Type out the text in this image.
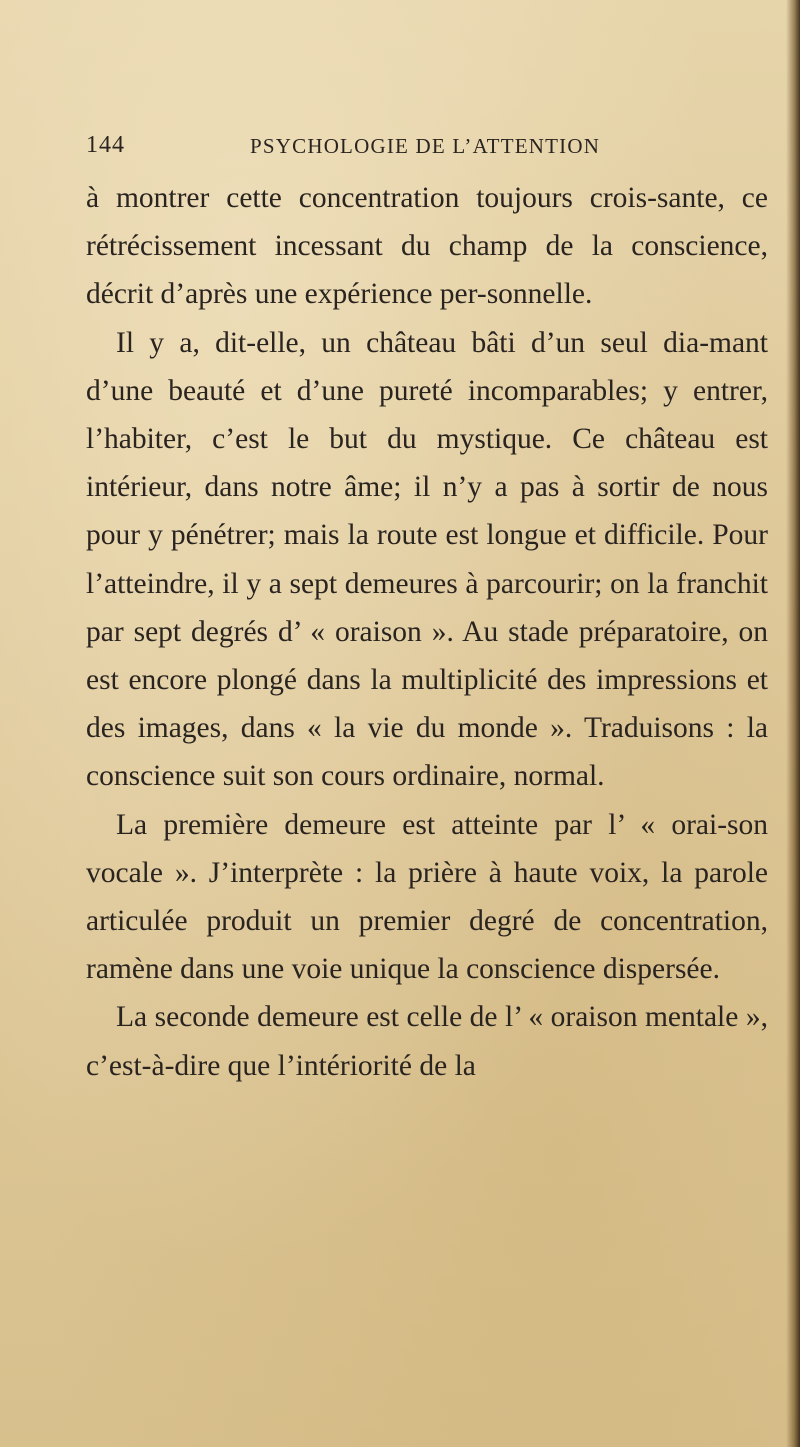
144	PSYCHOLOGIE DE L’ATTENTION

à montrer cette concentration toujours crois-sante, ce rétrécissement incessant du champ de la conscience, décrit d’après une expérience per-sonnelle.

Il y a, dit-elle, un château bâti d’un seul dia-mant d’une beauté et d’une pureté incomparables; y entrer, l’habiter, c’est le but du mystique. Ce château est intérieur, dans notre âme; il n’y a pas à sortir de nous pour y pénétrer; mais la route est longue et difficile. Pour l’atteindre, il y a sept demeures à parcourir; on la franchit par sept degrés d’ « oraison ». Au stade préparatoire, on est encore plongé dans la multiplicité des impressions et des images, dans « la vie du monde ». Traduisons : la conscience suit son cours ordinaire, normal.

La première demeure est atteinte par l’ « orai-son vocale ». J’interprète : la prière à haute voix, la parole articulée produit un premier degré de concentration, ramène dans une voie unique la conscience dispersée.

La seconde demeure est celle de l’ « oraison mentale », c’est-à-dire que l’intériorité de la
